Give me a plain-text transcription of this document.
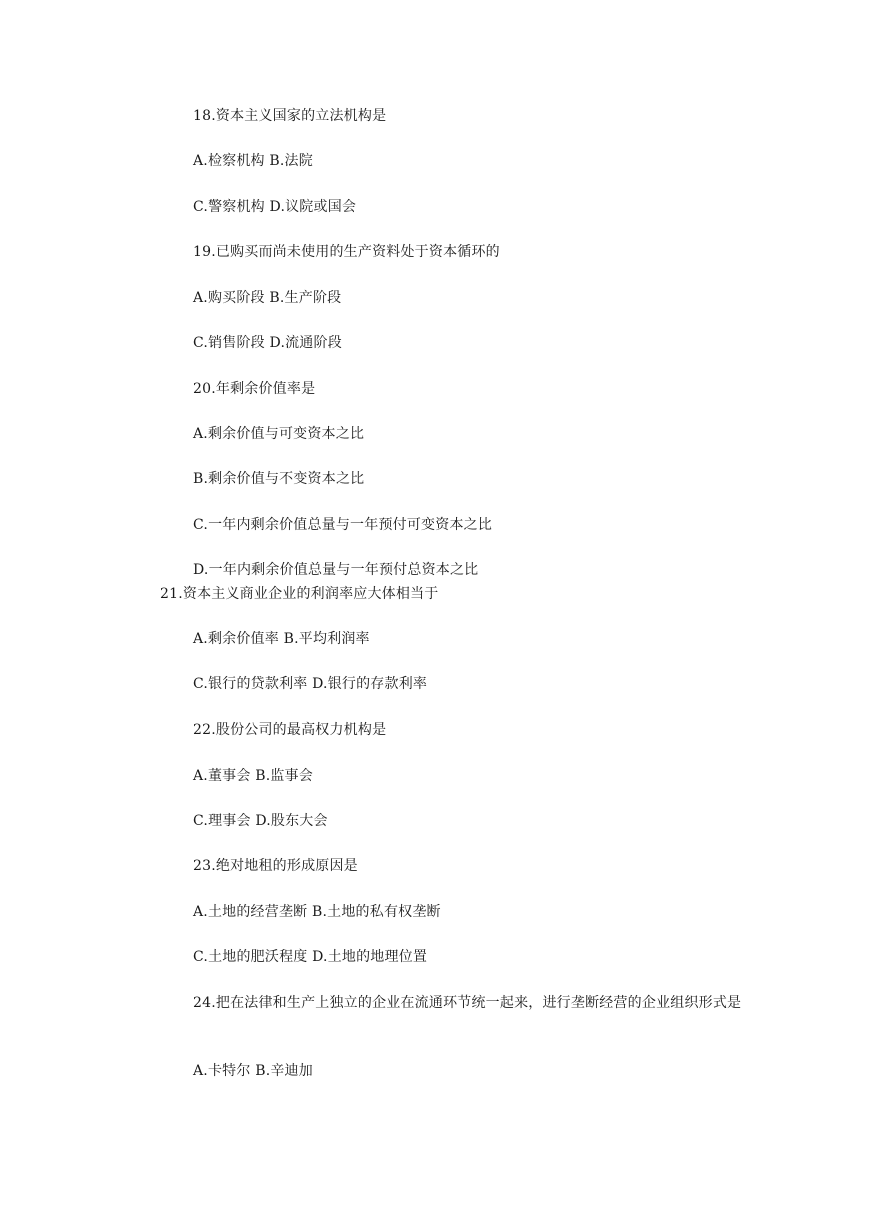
18.资本主义国家的立法机构是
A.检察机构 B.法院
C.警察机构 D.议院或国会
19.已购买而尚未使用的生产资料处于资本循环的
A.购买阶段 B.生产阶段
C.销售阶段 D.流通阶段
20.年剩余价值率是
A.剩余价值与可变资本之比
B.剩余价值与不变资本之比
C.一年内剩余价值总量与一年预付可变资本之比
D.一年内剩余价值总量与一年预付总资本之比
21.资本主义商业企业的利润率应大体相当于
A.剩余价值率 B.平均利润率
C.银行的贷款利率 D.银行的存款利率
22.股份公司的最高权力机构是
A.董事会 B.监事会
C.理事会 D.股东大会
23.绝对地租的形成原因是
A.土地的经营垄断 B.土地的私有权垄断
C.土地的肥沃程度 D.土地的地理位置
24.把在法律和生产上独立的企业在流通环节统一起来，进行垄断经营的企业组织形式是
A.卡特尔 B.辛迪加
